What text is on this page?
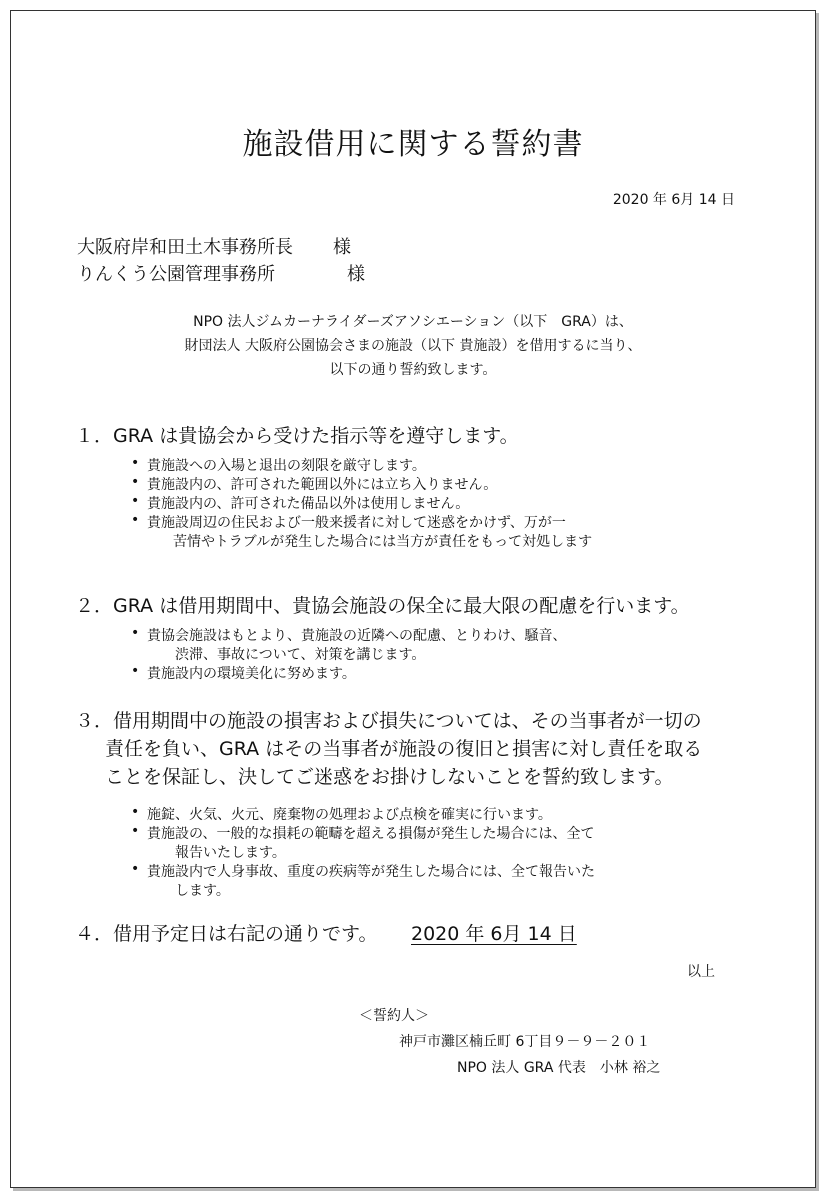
施設借用に関する誓約書
2020 年 6月 14 日
大阪府岸和田土木事務所長 様
りんくう公園管理事務所	様
NPO 法人ジムカーナライダーズアソシエーション（以下　GRA）は、
財団法人 大阪府公園協会さまの施設（以下 貴施設）を借用するに当り、
以下の通り誓約致します。
１．GRA は貴協会から受けた指示等を遵守します。
• 貴施設への入場と退出の刻限を厳守します。
• 貴施設内の、許可された範囲以外には立ち入りません。
• 貴施設内の、許可された備品以外は使用しません。
• 貴施設周辺の住民および一般来援者に対して迷惑をかけず、万が一
苦情やトラブルが発生した場合には当方が責任をもって対処します
２．GRA は借用期間中、貴協会施設の保全に最大限の配慮を行います。
• 貴協会施設はもとより、貴施設の近隣への配慮、とりわけ、騒音、
渋滞、事故について、対策を講じます。
• 貴施設内の環境美化に努めます。
３．借用期間中の施設の損害および損失については、その当事者が一切の
責任を負い、GRA はその当事者が施設の復旧と損害に対し責任を取る
ことを保証し、決してご迷惑をお掛けしないことを誓約致します。
• 施錠、火気、火元、廃棄物の処理および点検を確実に行います。
• 貴施設の、一般的な損耗の範疇を超える損傷が発生した場合には、全て
報告いたします。
• 貴施設内で人身事故、重度の疾病等が発生した場合には、全て報告いた
します。
４．借用予定日は右記の通りです。	2020 年 6月 14 日
以上
＜誓約人＞
神戸市灘区楠丘町 6丁目９－９－２０１
NPO 法人 GRA 代表　小林 裕之
